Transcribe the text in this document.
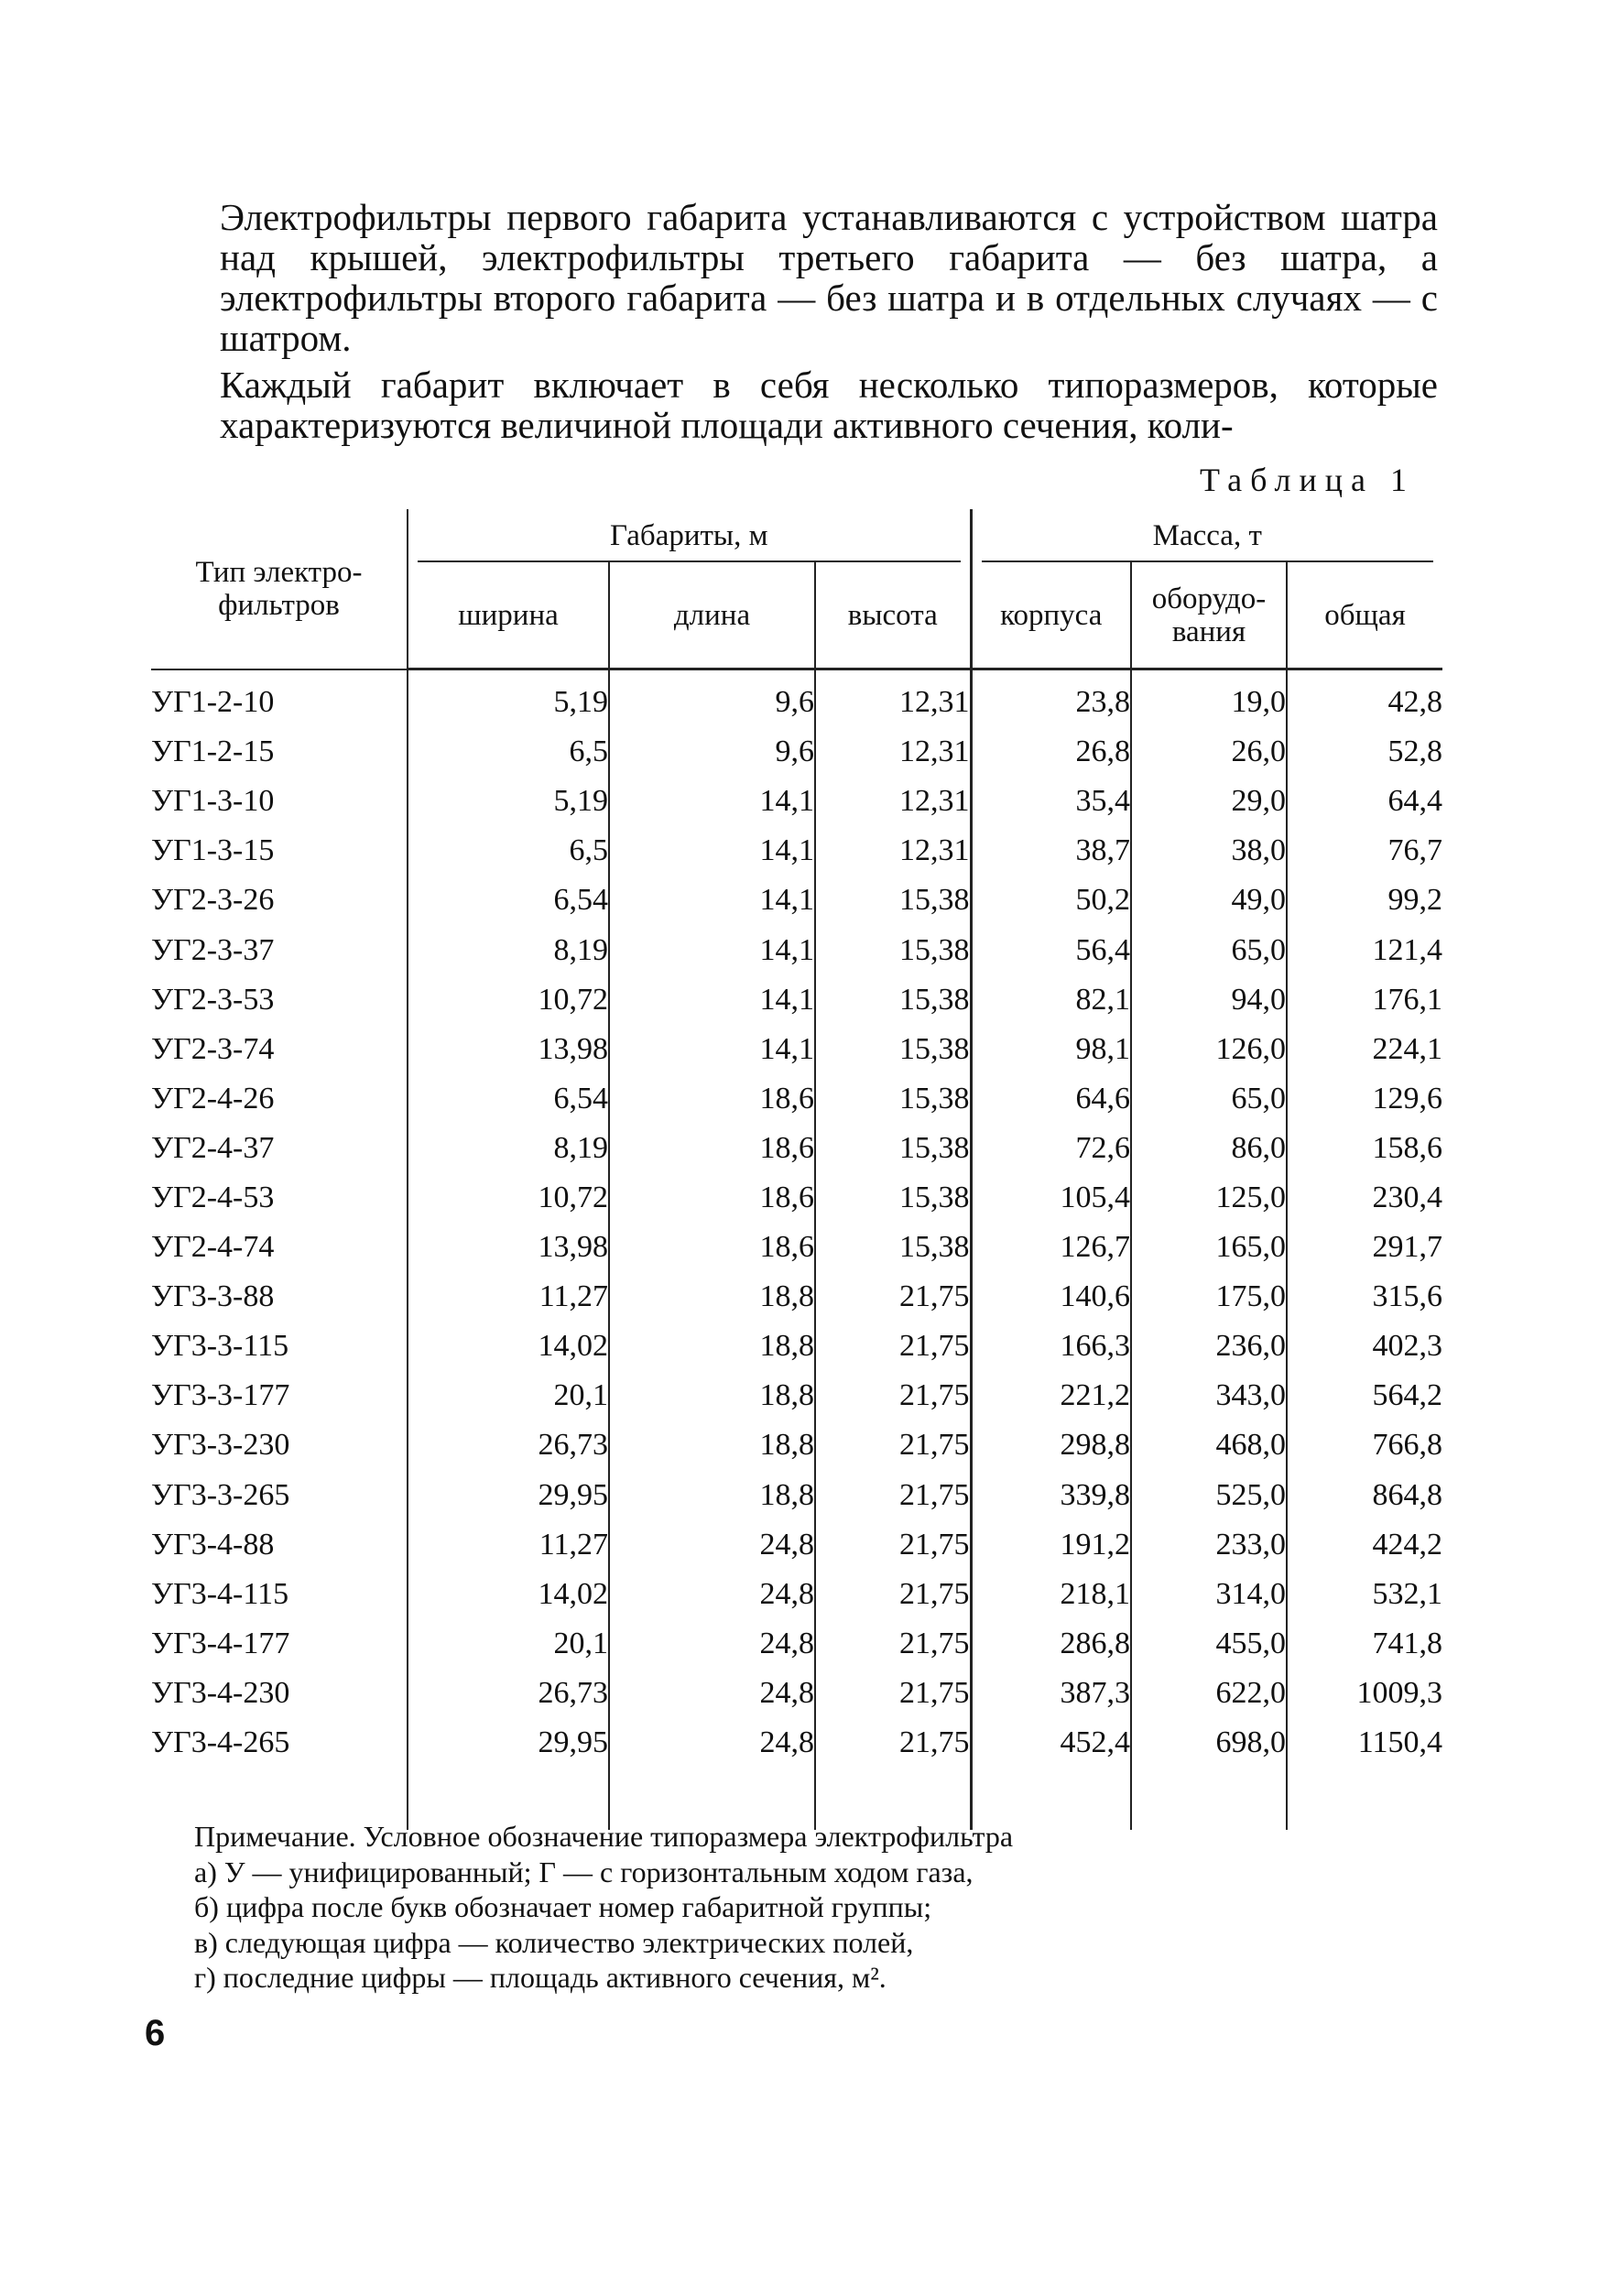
Электрофильтры первого габарита устанавливаются с устройством шатра над крышей, электрофильтры третьего габарита — без шатра, а электрофильтры второго габарита — без шатра и в отдельных случаях — с шатром.

Каждый габарит включает в себя несколько типоразмеров, которые характеризуются величиной площади активного сечения, коли-

Таблица 1
Тип электро-фильтров	Габариты, м			Масса, т		
	ширина	длина	высота	корпуса	оборудо-вания	общая
УГ1-2-10	5,19	9,6	12,31	23,8	19,0	42,8
УГ1-2-15	6,5	9,6	12,31	26,8	26,0	52,8
УГ1-3-10	5,19	14,1	12,31	35,4	29,0	64,4
УГ1-3-15	6,5	14,1	12,31	38,7	38,0	76,7
УГ2-3-26	6,54	14,1	15,38	50,2	49,0	99,2
УГ2-3-37	8,19	14,1	15,38	56,4	65,0	121,4
УГ2-3-53	10,72	14,1	15,38	82,1	94,0	176,1
УГ2-3-74	13,98	14,1	15,38	98,1	126,0	224,1
УГ2-4-26	6,54	18,6	15,38	64,6	65,0	129,6
УГ2-4-37	8,19	18,6	15,38	72,6	86,0	158,6
УГ2-4-53	10,72	18,6	15,38	105,4	125,0	230,4
УГ2-4-74	13,98	18,6	15,38	126,7	165,0	291,7
УГ3-3-88	11,27	18,8	21,75	140,6	175,0	315,6
УГ3-3-115	14,02	18,8	21,75	166,3	236,0	402,3
УГ3-3-177	20,1	18,8	21,75	221,2	343,0	564,2
УГ3-3-230	26,73	18,8	21,75	298,8	468,0	766,8
УГ3-3-265	29,95	18,8	21,75	339,8	525,0	864,8
УГ3-4-88	11,27	24,8	21,75	191,2	233,0	424,2
УГ3-4-115	14,02	24,8	21,75	218,1	314,0	532,1
УГ3-4-177	20,1	24,8	21,75	286,8	455,0	741,8
УГ3-4-230	26,73	24,8	21,75	387,3	622,0	1009,3
УГ3-4-265	29,95	24,8	21,75	452,4	698,0	1150,4

Примечание. Условное обозначение типоразмера электрофильтра
а) У — унифицированный; Г — с горизонтальным ходом газа,
б) цифра после букв обозначает номер габаритной группы;
в) следующая цифра — количество электрических полей,
г) последние цифры — площадь активного сечения, м².
6
